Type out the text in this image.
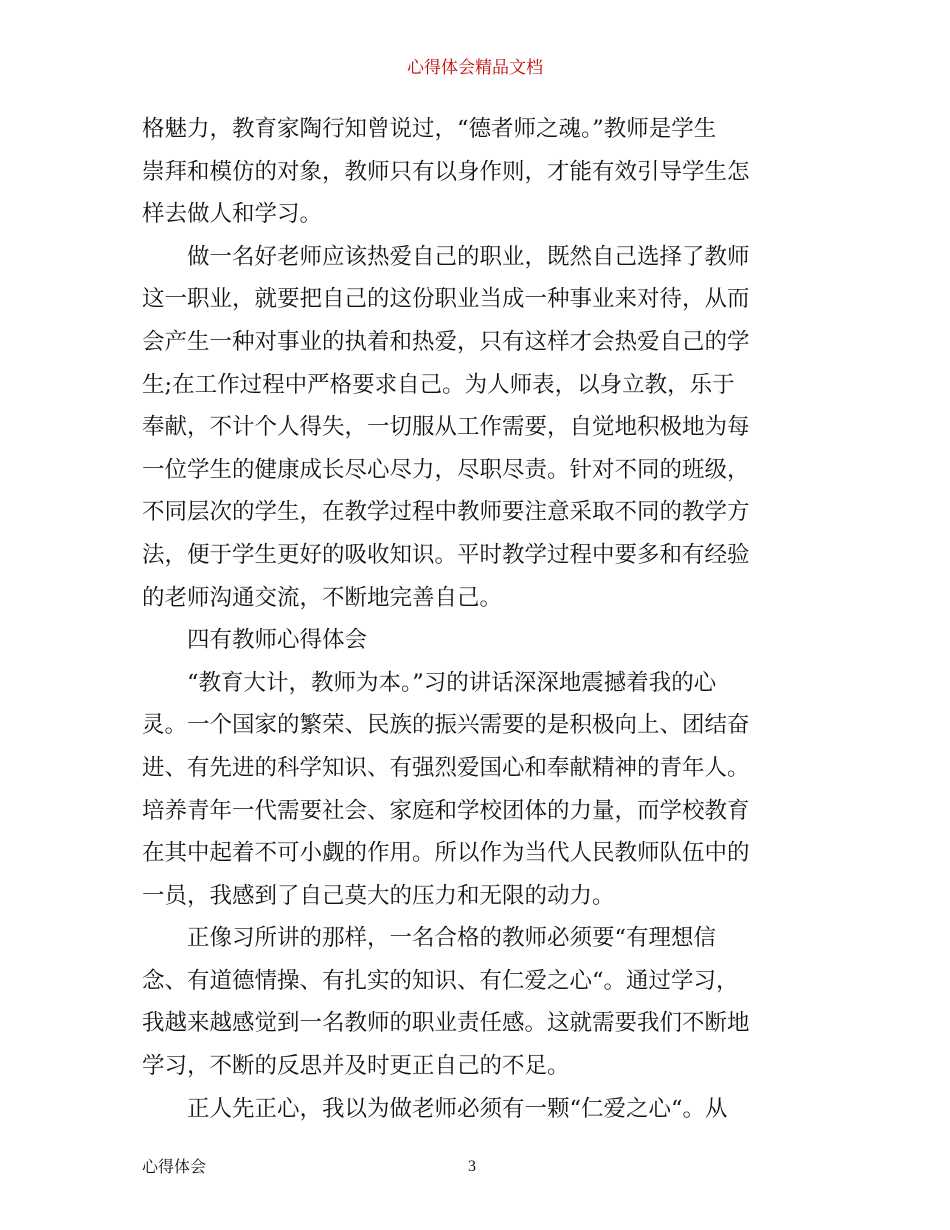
心得体会精品文档
格魅力，教育家陶行知曾说过，“德者师之魂。”教师是学生
崇拜和模仿的对象，教师只有以身作则，才能有效引导学生怎
样去做人和学习。
　　做一名好老师应该热爱自己的职业，既然自己选择了教师
这一职业，就要把自己的这份职业当成一种事业来对待，从而
会产生一种对事业的执着和热爱，只有这样才会热爱自己的学
生;在工作过程中严格要求自己。为人师表，以身立教，乐于
奉献，不计个人得失，一切服从工作需要，自觉地积极地为每
一位学生的健康成长尽心尽力，尽职尽责。针对不同的班级，
不同层次的学生，在教学过程中教师要注意采取不同的教学方
法，便于学生更好的吸收知识。平时教学过程中要多和有经验
的老师沟通交流，不断地完善自己。
　　四有教师心得体会
　　“教育大计，教师为本。”习的讲话深深地震撼着我的心
灵。一个国家的繁荣、民族的振兴需要的是积极向上、团结奋
进、有先进的科学知识、有强烈爱国心和奉献精神的青年人。
培养青年一代需要社会、家庭和学校团体的力量，而学校教育
在其中起着不可小觑的作用。所以作为当代人民教师队伍中的
一员，我感到了自己莫大的压力和无限的动力。
　　正像习所讲的那样，一名合格的教师必须要“有理想信
念、有道德情操、有扎实的知识、有仁爱之心“。通过学习，
我越来越感觉到一名教师的职业责任感。这就需要我们不断地
学习，不断的反思并及时更正自己的不足。
　　正人先正心，我以为做老师必须有一颗“仁爱之心“。从
心得体会	3
